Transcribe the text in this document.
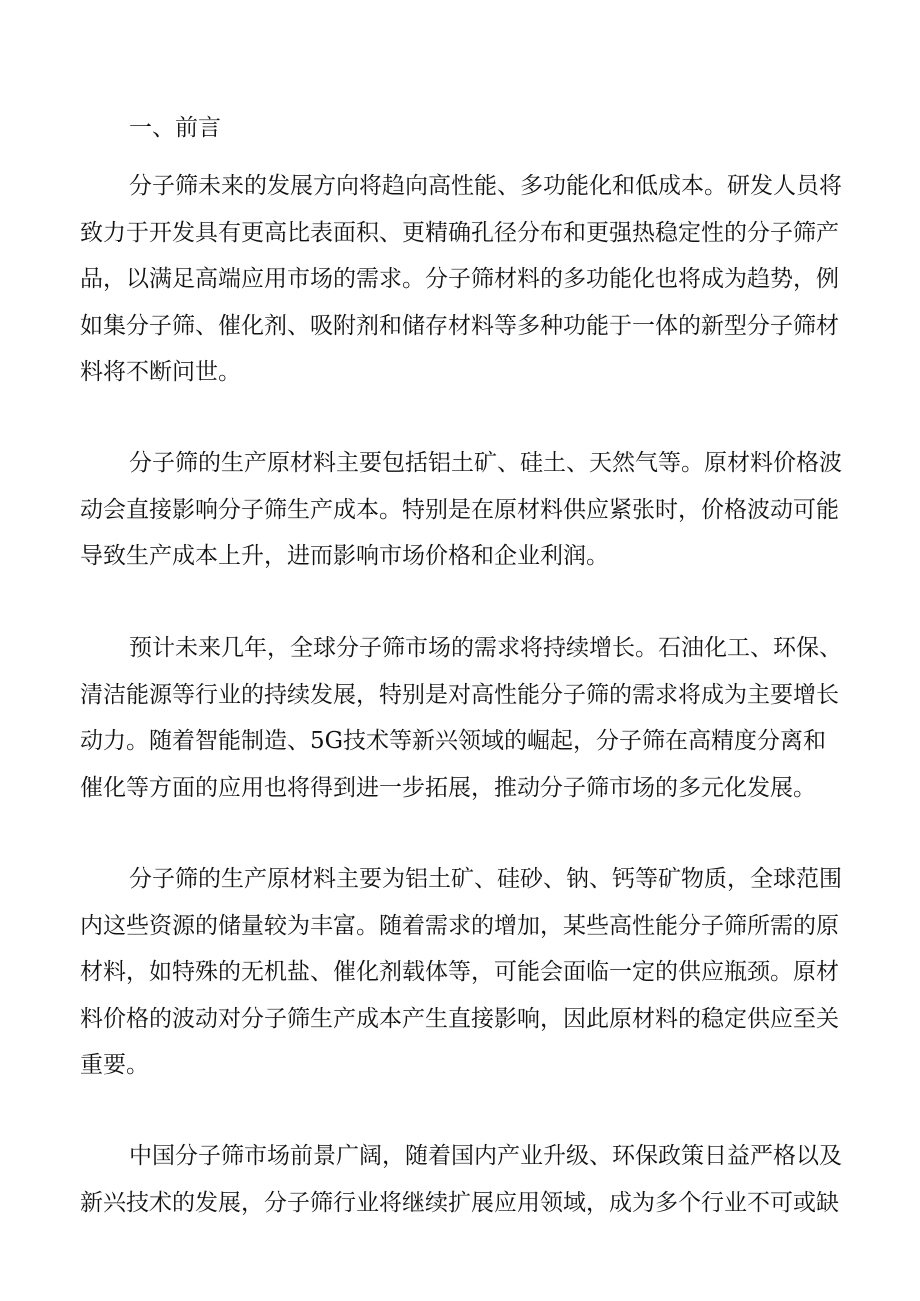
一、前言
分子筛未来的发展方向将趋向高性能、多功能化和低成本。研发人员将
致力于开发具有更高比表面积、更精确孔径分布和更强热稳定性的分子筛产
品，以满足高端应用市场的需求。分子筛材料的多功能化也将成为趋势，例
如集分子筛、催化剂、吸附剂和储存材料等多种功能于一体的新型分子筛材
料将不断问世。
分子筛的生产原材料主要包括铝土矿、硅土、天然气等。原材料价格波
动会直接影响分子筛生产成本。特别是在原材料供应紧张时，价格波动可能
导致生产成本上升，进而影响市场价格和企业利润。
预计未来几年，全球分子筛市场的需求将持续增长。石油化工、环保、
清洁能源等行业的持续发展，特别是对高性能分子筛的需求将成为主要增长
动力。随着智能制造、5G技术等新兴领域的崛起，分子筛在高精度分离和
催化等方面的应用也将得到进一步拓展，推动分子筛市场的多元化发展。
分子筛的生产原材料主要为铝土矿、硅砂、钠、钙等矿物质，全球范围
内这些资源的储量较为丰富。随着需求的增加，某些高性能分子筛所需的原
材料，如特殊的无机盐、催化剂载体等，可能会面临一定的供应瓶颈。原材
料价格的波动对分子筛生产成本产生直接影响，因此原材料的稳定供应至关
重要。
中国分子筛市场前景广阔，随着国内产业升级、环保政策日益严格以及
新兴技术的发展，分子筛行业将继续扩展应用领域，成为多个行业不可或缺
